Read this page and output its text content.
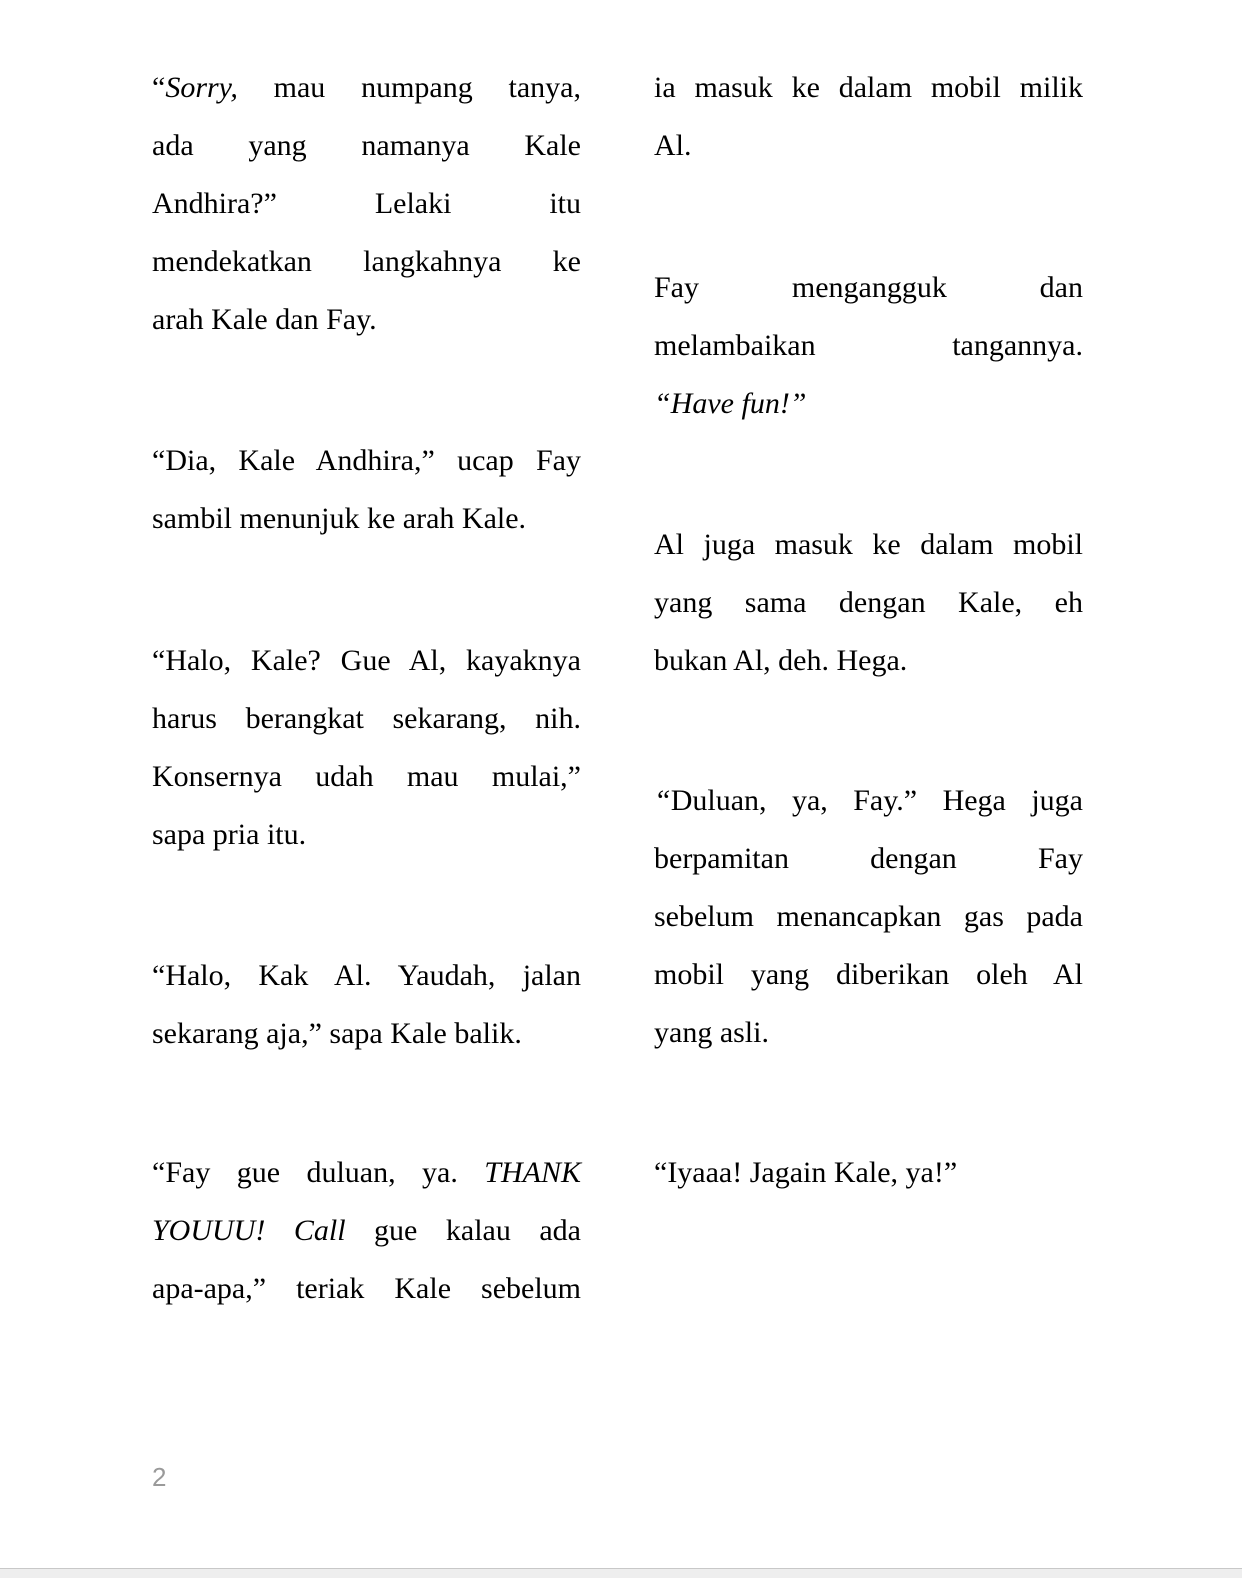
“Sorry, mau numpang tanya,
ada yang namanya Kale
Andhira?” Lelaki itu
mendekatkan langkahnya ke
arah Kale dan Fay.
“Dia, Kale Andhira,” ucap Fay
sambil menunjuk ke arah Kale.
“Halo, Kale? Gue Al, kayaknya
harus berangkat sekarang, nih.
Konsernya udah mau mulai,”
sapa pria itu.
“Halo, Kak Al. Yaudah, jalan
sekarang aja,” sapa Kale balik.
“Fay gue duluan, ya. THANK
YOUUU! Call gue kalau ada
apa-apa,” teriak Kale sebelum
ia masuk ke dalam mobil milik
Al.
Fay mengangguk dan
melambaikan tangannya.
“Have fun!”
Al juga masuk ke dalam mobil
yang sama dengan Kale, eh
bukan Al, deh. Hega.
“Duluan, ya, Fay.” Hega juga
berpamitan dengan Fay
sebelum menancapkan gas pada
mobil yang diberikan oleh Al
yang asli.
“Iyaaa! Jagain Kale, ya!”
2
